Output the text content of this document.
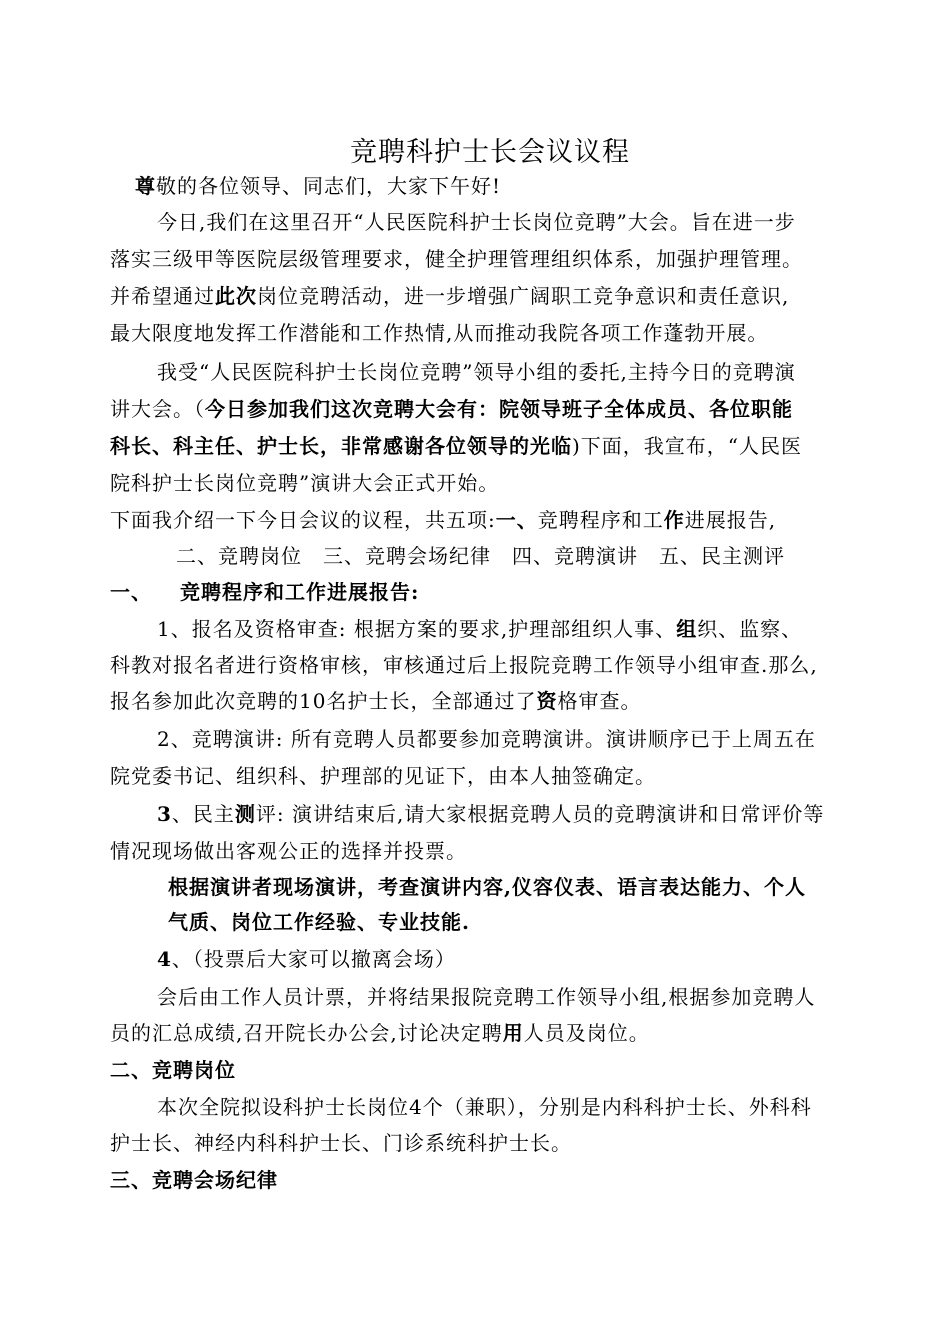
竞聘科护士长会议议程
尊敬的各位领导、同志们，大家下午好!
今日,我们在这里召开“人民医院科护士长岗位竞聘”大会。旨在进一步
落实三级甲等医院层级管理要求，健全护理管理组织体系，加强护理管理。
并希望通过此次岗位竞聘活动，进一步增强广阔职工竞争意识和责任意识,
最大限度地发挥工作潜能和工作热情,从而推动我院各项工作蓬勃开展。
我受“人民医院科护士长岗位竞聘”领导小组的委托,主持今日的竞聘演
讲大会。（今日参加我们这次竞聘大会有：院领导班子全体成员、各位职能
科长、科主任、护士长，非常感谢各位领导的光临)下面，我宣布，“人民医
院科护士长岗位竞聘”演讲大会正式开始。
下面我介绍一下今日会议的议程，共五项:一、竞聘程序和工作进展报告,
二、竞聘岗位　三、竞聘会场纪律　四、竞聘演讲　五、民主测评
一、 竞聘程序和工作进展报告:
1、报名及资格审查: 根据方案的要求,护理部组织人事、组织、监察、
科教对报名者进行资格审核，审核通过后上报院竞聘工作领导小组审查.那么,
报名参加此次竞聘的10名护士长，全部通过了资格审查。
2、竞聘演讲: 所有竞聘人员都要参加竞聘演讲。演讲顺序已于上周五在
院党委书记、组织科、护理部的见证下，由本人抽签确定。
3、民主测评: 演讲结束后,请大家根据竞聘人员的竞聘演讲和日常评价等
情况现场做出客观公正的选择并投票。
根据演讲者现场演讲，考查演讲内容,仪容仪表、语言表达能力、个人
气质、岗位工作经验、专业技能.
4、（投票后大家可以撤离会场）
会后由工作人员计票，并将结果报院竞聘工作领导小组,根据参加竞聘人
员的汇总成绩,召开院长办公会,讨论决定聘用人员及岗位。
二、竞聘岗位
本次全院拟设科护士长岗位4个（兼职），分别是内科科护士长、外科科
护士长、神经内科科护士长、门诊系统科护士长。
三、竞聘会场纪律
